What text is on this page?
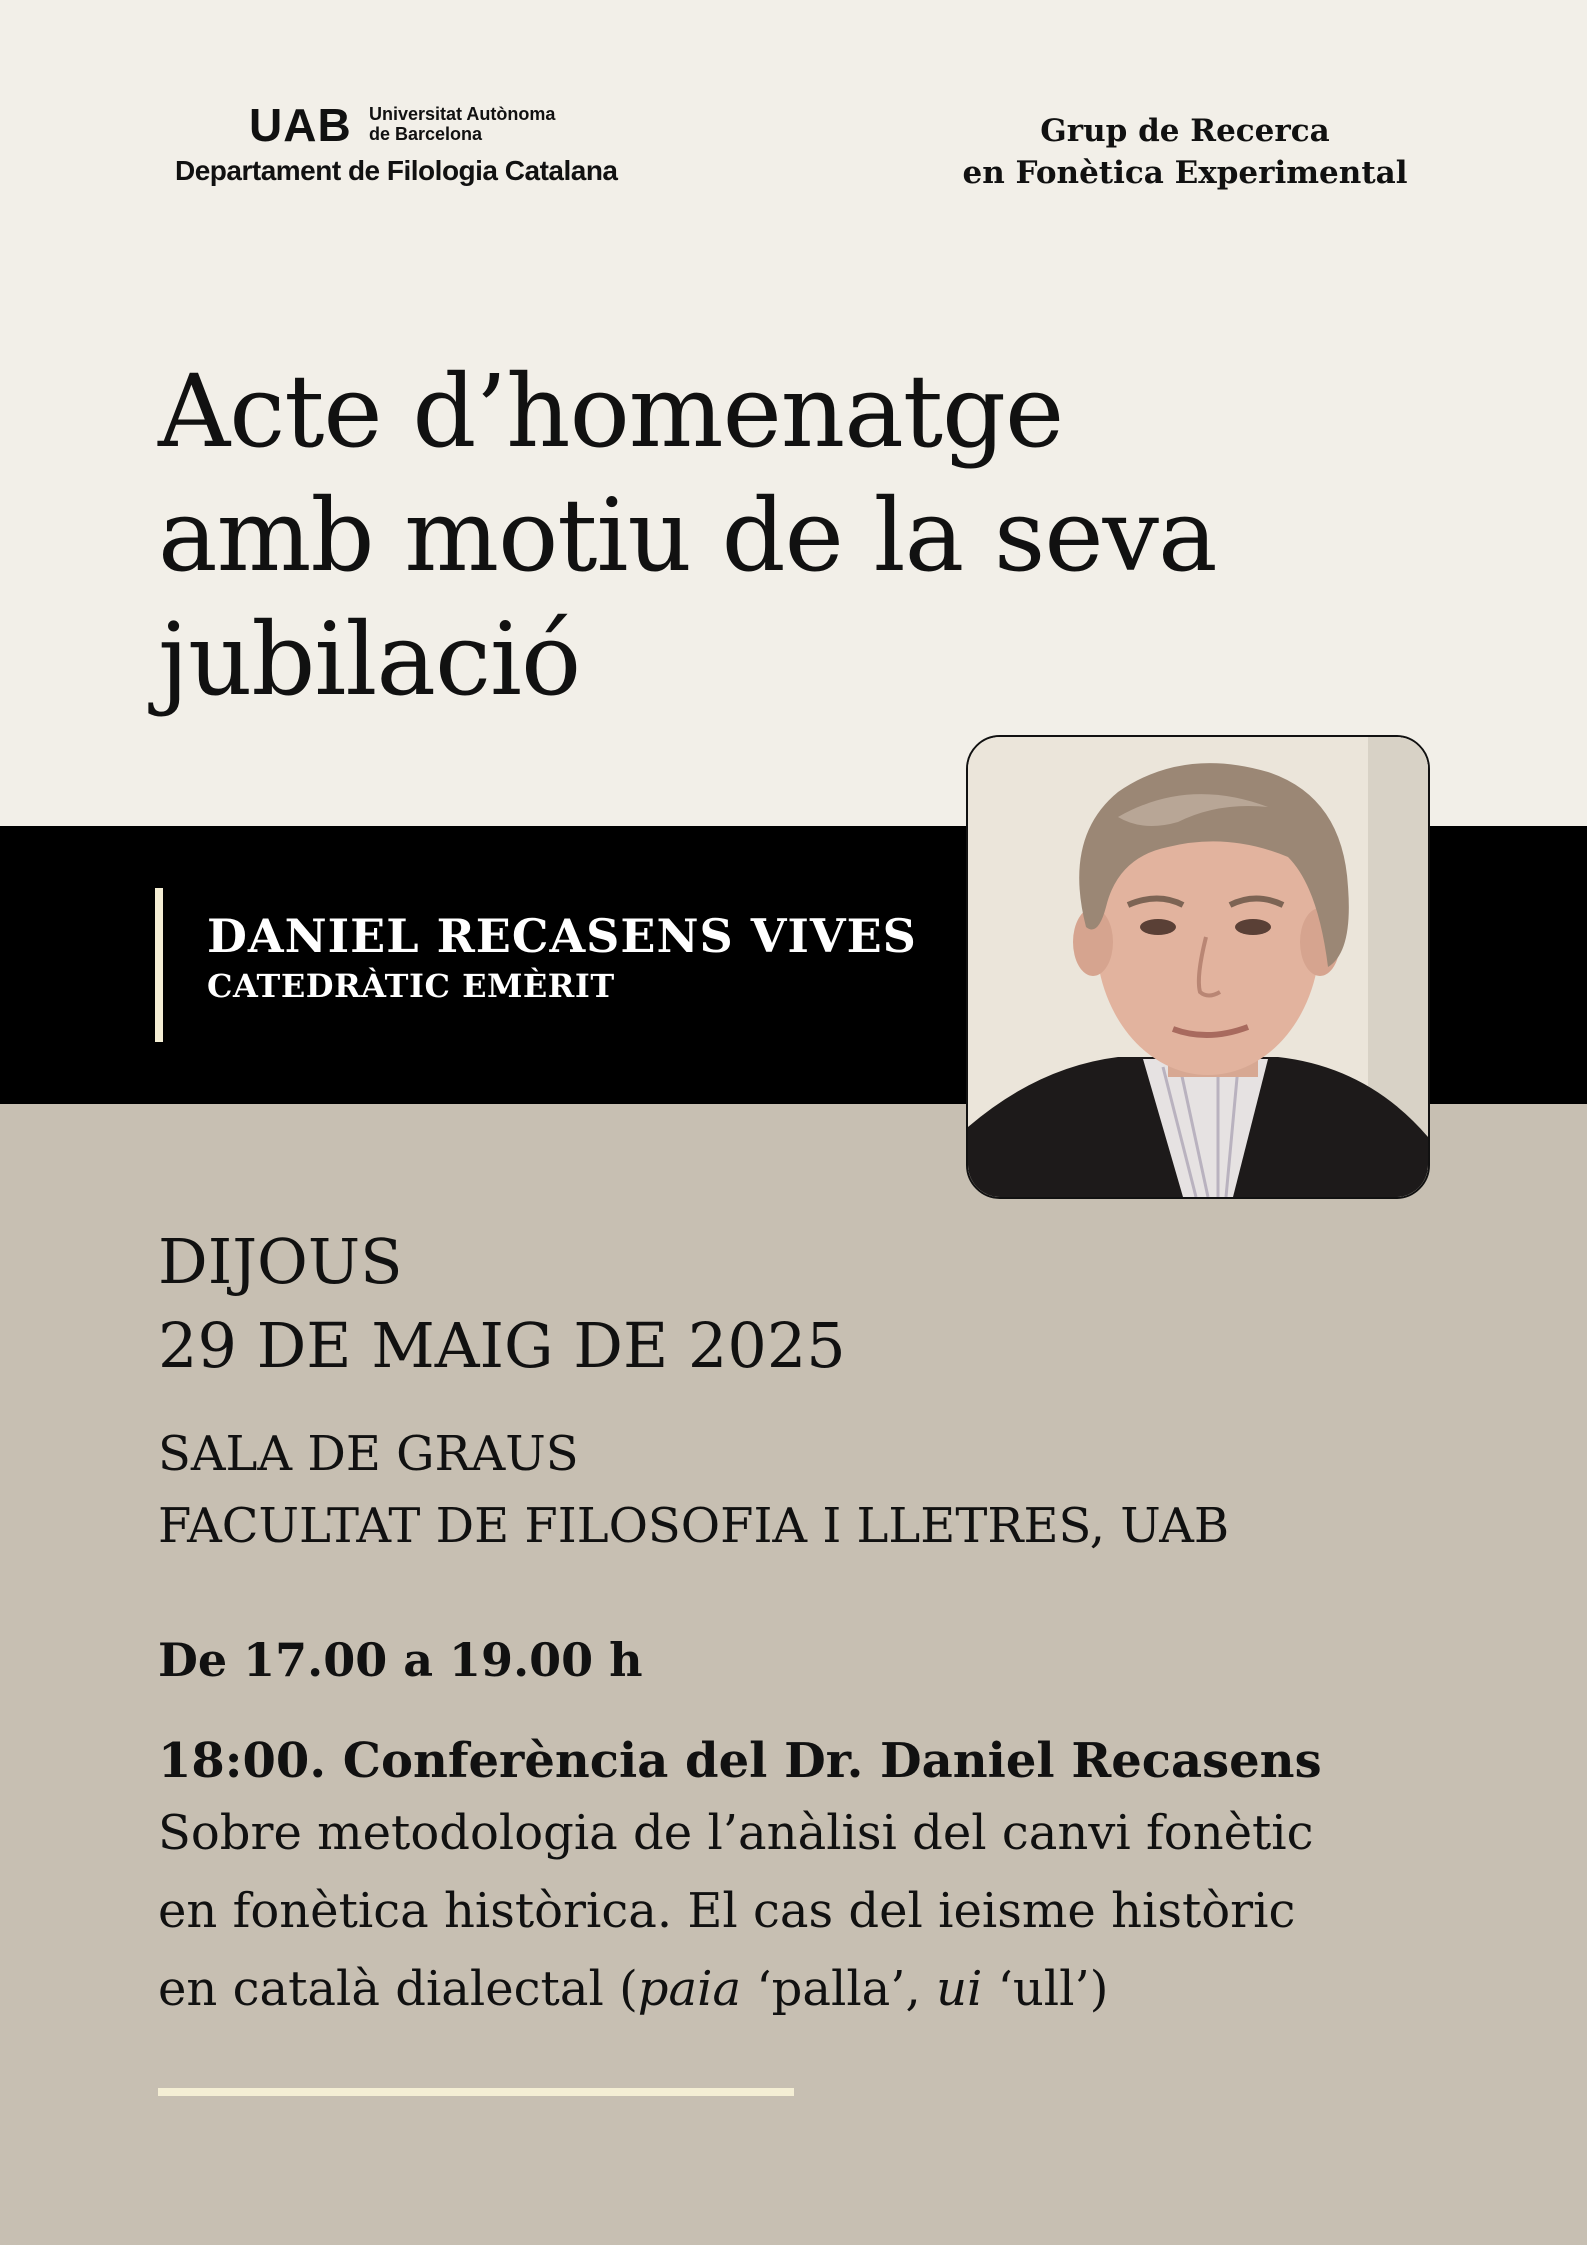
UAB Universitat Autònoma
de Barcelona
Departament de Filologia Catalana
Grup de Recerca
en Fonètica Experimental
Acte d’homenatge
amb motiu de la seva
jubilació
DANIEL RECASENS VIVES
CATEDRÀTIC EMÈRIT
DIJOUS
29 DE MAIG DE 2025
SALA DE GRAUS
FACULTAT DE FILOSOFIA I LLETRES, UAB
De 17.00 a 19.00 h
18:00. Conferència del Dr. Daniel Recasens
Sobre metodologia de l’anàlisi del canvi fonètic
en fonètica històrica. El cas del ieisme històric
en català dialectal (paia ‘palla’, ui ‘ull’)
